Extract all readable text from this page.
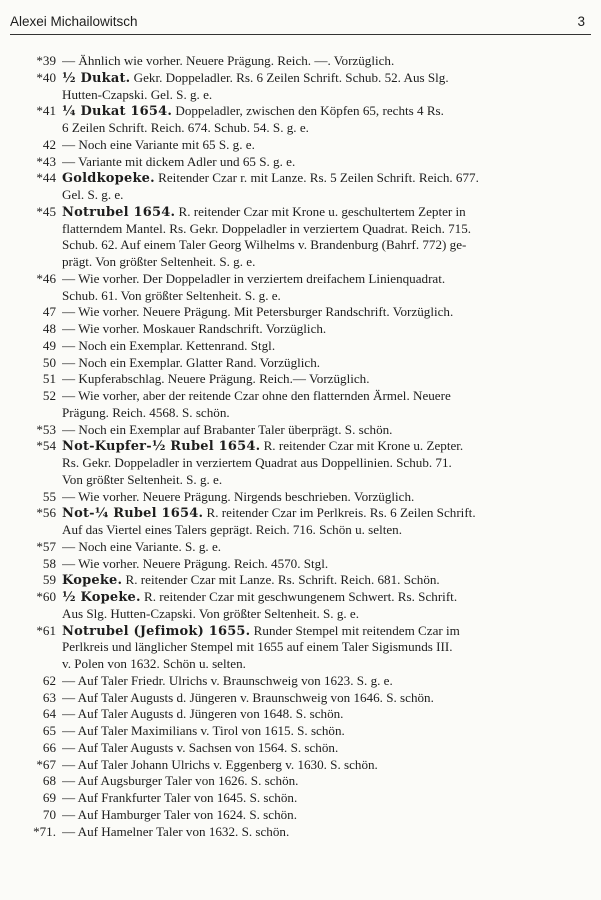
Alexei Michailowitsch	3
*39 — Ähnlich wie vorher. Neuere Prägung. Reich. —. Vorzüglich.
*40 ½ Dukat. Gekr. Doppeladler. Rs. 6 Zeilen Schrift. Schub. 52. Aus Slg.
Hutten-Czapski. Gel. S. g. e.
*41 ¼ Dukat 1654. Doppeladler, zwischen den Köpfen 65, rechts 4 Rs.
6 Zeilen Schrift. Reich. 674. Schub. 54. S. g. e.
42 — Noch eine Variante mit 65 S. g. e.
*43 — Variante mit dickem Adler und 65 S. g. e.
*44 Goldkopeke. Reitender Czar r. mit Lanze. Rs. 5 Zeilen Schrift. Reich. 677.
Gel. S. g. e.
*45 Notrubel 1654. R. reitender Czar mit Krone u. geschultertem Zepter in
flatterndem Mantel. Rs. Gekr. Doppeladler in verziertem Quadrat. Reich. 715.
Schub. 62. Auf einem Taler Georg Wilhelms v. Brandenburg (Bahrf. 772) ge-
prägt. Von größter Seltenheit. S. g. e.
*46 — Wie vorher. Der Doppeladler in verziertem dreifachem Linienquadrat.
Schub. 61. Von größter Seltenheit. S. g. e.
47 — Wie vorher. Neuere Prägung. Mit Petersburger Randschrift. Vorzüglich.
48 — Wie vorher. Moskauer Randschrift. Vorzüglich.
49 — Noch ein Exemplar. Kettenrand. Stgl.
50 — Noch ein Exemplar. Glatter Rand. Vorzüglich.
51 — Kupferabschlag. Neuere Prägung. Reich.— Vorzüglich.
52 — Wie vorher, aber der reitende Czar ohne den flatternden Ärmel. Neuere
Prägung. Reich. 4568. S. schön.
*53 — Noch ein Exemplar auf Brabanter Taler überprägt. S. schön.
*54 Not-Kupfer-½ Rubel 1654. R. reitender Czar mit Krone u. Zepter.
Rs. Gekr. Doppeladler in verziertem Quadrat aus Doppellinien. Schub. 71.
Von größter Seltenheit. S. g. e.
55 — Wie vorher. Neuere Prägung. Nirgends beschrieben. Vorzüglich.
*56 Not-¼ Rubel 1654. R. reitender Czar im Perlkreis. Rs. 6 Zeilen Schrift.
Auf das Viertel eines Talers geprägt. Reich. 716. Schön u. selten.
*57 — Noch eine Variante. S. g. e.
58 — Wie vorher. Neuere Prägung. Reich. 4570. Stgl.
59 Kopeke. R. reitender Czar mit Lanze. Rs. Schrift. Reich. 681. Schön.
*60 ½ Kopeke. R. reitender Czar mit geschwungenem Schwert. Rs. Schrift.
Aus Slg. Hutten-Czapski. Von größter Seltenheit. S. g. e.
*61 Notrubel (Jefimok) 1655. Runder Stempel mit reitendem Czar im
Perlkreis und länglicher Stempel mit 1655 auf einem Taler Sigismunds III.
v. Polen von 1632. Schön u. selten.
62 — Auf Taler Friedr. Ulrichs v. Braunschweig von 1623. S. g. e.
63 — Auf Taler Augusts d. Jüngeren v. Braunschweig von 1646. S. schön.
64 — Auf Taler Augusts d. Jüngeren von 1648. S. schön.
65 — Auf Taler Maximilians v. Tirol von 1615. S. schön.
66 — Auf Taler Augusts v. Sachsen von 1564. S. schön.
*67 — Auf Taler Johann Ulrichs v. Eggenberg v. 1630. S. schön.
68 — Auf Augsburger Taler von 1626. S. schön.
69 — Auf Frankfurter Taler von 1645. S. schön.
70 — Auf Hamburger Taler von 1624. S. schön.
*71. — Auf Hamelner Taler von 1632. S. schön.
